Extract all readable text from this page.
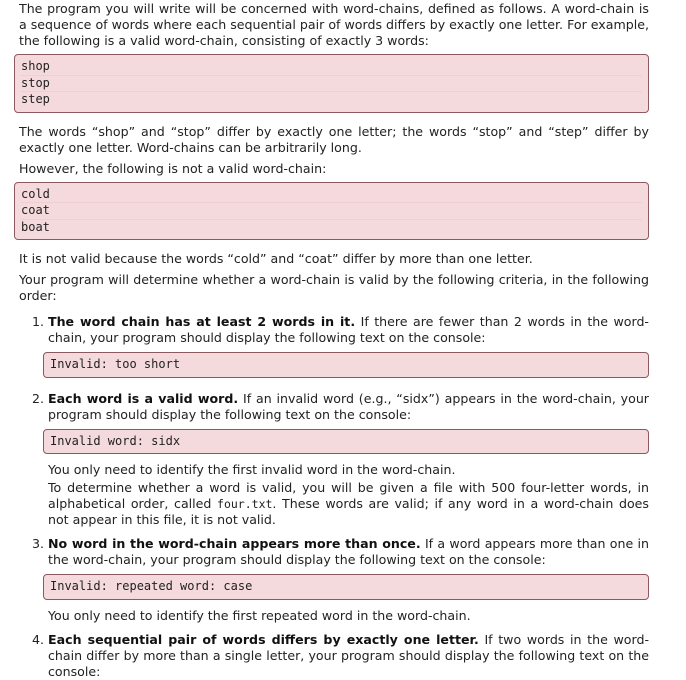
The program you will write will be concerned with word-chains, defined as follows. A word-chain is a sequence of words where each sequential pair of words differs by exactly one letter. For example, the following is a valid word-chain, consisting of exactly 3 words:

shop
stop
step

The words “shop” and “stop” differ by exactly one letter; the words “stop” and “step” differ by exactly one letter. Word-chains can be arbitrarily long.

However, the following is not a valid word-chain:

cold
coat
boat

It is not valid because the words “cold” and “coat” differ by more than one letter.

Your program will determine whether a word-chain is valid by the following criteria, in the following order:

1. The word chain has at least 2 words in it. If there are fewer than 2 words in the word-chain, your program should display the following text on the console:

Invalid: too short
2. Each word is a valid word. If an invalid word (e.g., “sidx”) appears in the word-chain, your program should display the following text on the console:

Invalid word: sidx

You only need to identify the first invalid word in the word-chain.

To determine whether a word is valid, you will be given a file with 500 four-letter words, in alphabetical order, called four.txt. These words are valid; if any word in a word-chain does not appear in this file, it is not valid.

3. No word in the word-chain appears more than once. If a word appears more than one in the word-chain, your program should display the following text on the console:

Invalid: repeated word: case

You only need to identify the first repeated word in the word-chain.

4. Each sequential pair of words differs by exactly one letter. If two words in the word-chain differ by more than a single letter, your program should display the following text on the console:
